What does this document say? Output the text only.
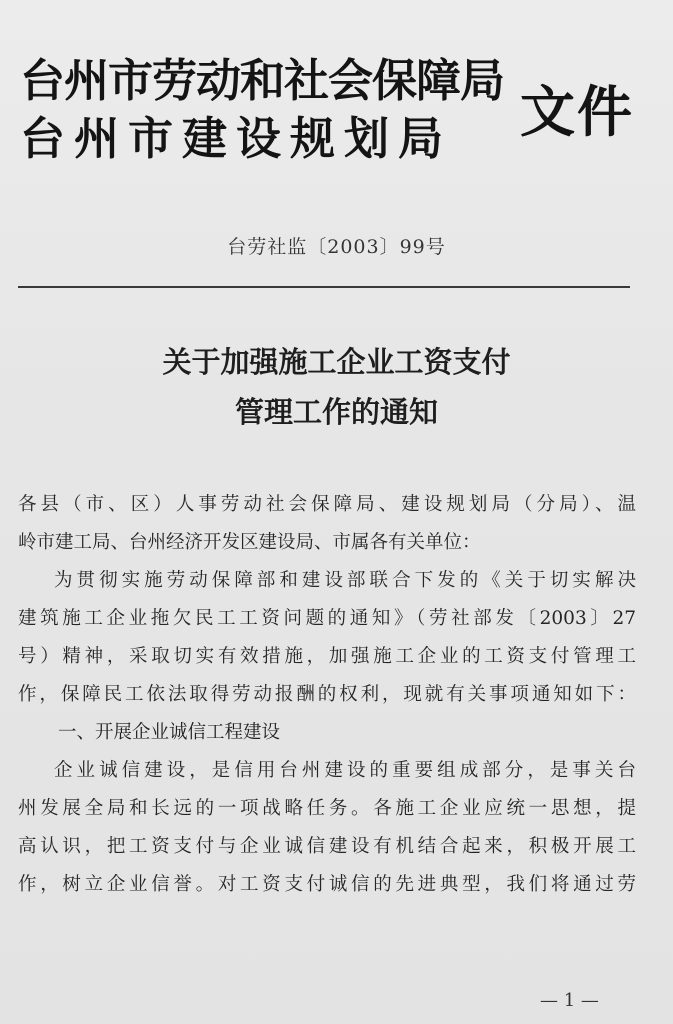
台州市劳动和社会保障局
台州市建设规划局	文件
台劳社监〔2003〕99号
关于加强施工企业工资支付
管理工作的通知
各县（市、区）人事劳动社会保障局、建设规划局（分局）、温
岭市建工局、台州经济开发区建设局、市属各有关单位：
为贯彻实施劳动保障部和建设部联合下发的《关于切实解决
建筑施工企业拖欠民工工资问题的通知》（劳社部发〔2003〕27
号）精神，采取切实有效措施，加强施工企业的工资支付管理工
作，保障民工依法取得劳动报酬的权利，现就有关事项通知如下：
一、开展企业诚信工程建设
企业诚信建设，是信用台州建设的重要组成部分，是事关台
州发展全局和长远的一项战略任务。各施工企业应统一思想，提
高认识，把工资支付与企业诚信建设有机结合起来，积极开展工
作，树立企业信誉。对工资支付诚信的先进典型，我们将通过劳
— 1 —
